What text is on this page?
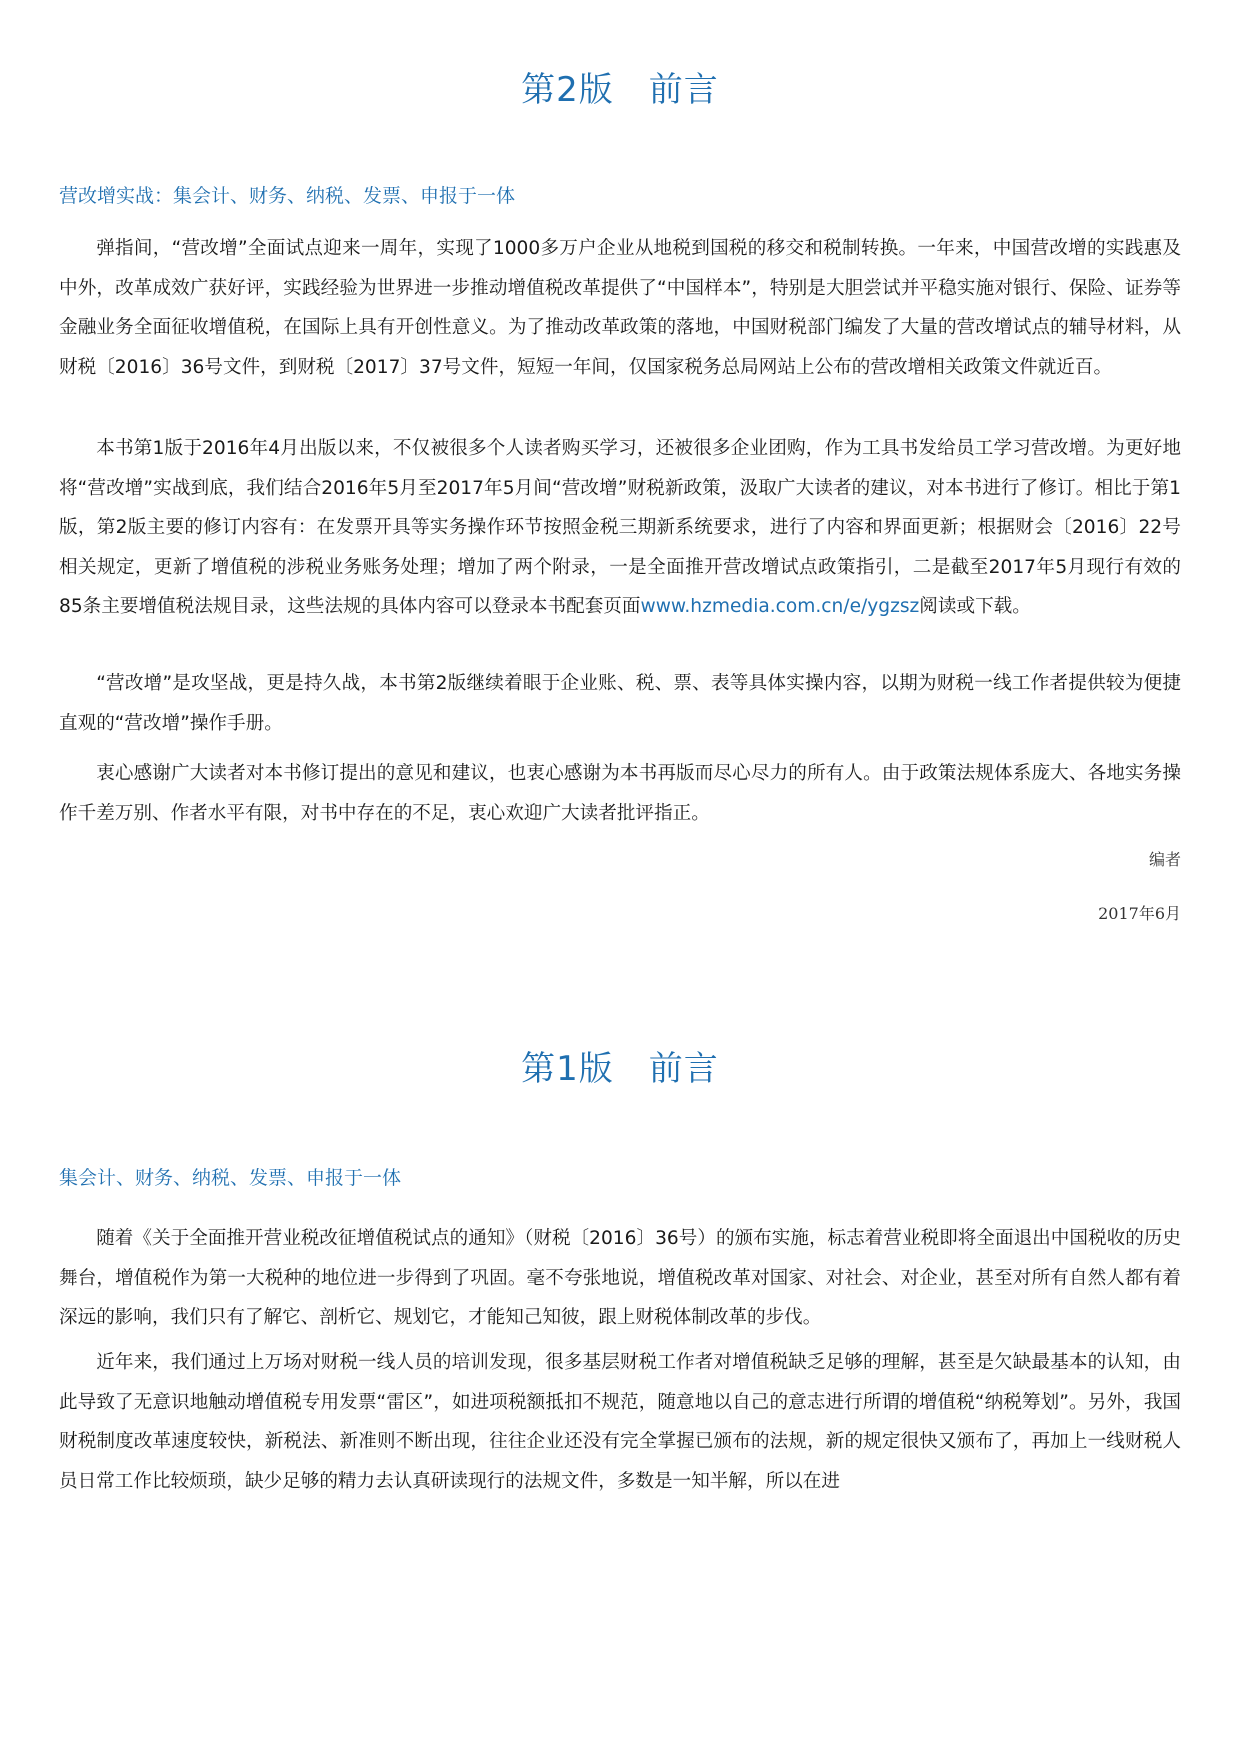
第2版　前言
营改增实战：集会计、财务、纳税、发票、申报于一体

弹指间，“营改增”全面试点迎来一周年，实现了1000多万户企业从地税到国税的移交和税制转换。一年来，中国营改增的实践惠及中外，改革成效广获好评，实践经验为世界进一步推动增值税改革提供了“中国样本”，特别是大胆尝试并平稳实施对银行、保险、证券等金融业务全面征收增值税，在国际上具有开创性意义。为了推动改革政策的落地，中国财税部门编发了大量的营改增试点的辅导材料，从财税〔2016〕36号文件，到财税〔2017〕37号文件，短短一年间，仅国家税务总局网站上公布的营改增相关政策文件就近百。

本书第1版于2016年4月出版以来，不仅被很多个人读者购买学习，还被很多企业团购，作为工具书发给员工学习营改增。为更好地将“营改增”实战到底，我们结合2016年5月至2017年5月间“营改增”财税新政策，汲取广大读者的建议，对本书进行了修订。相比于第1版，第2版主要的修订内容有：在发票开具等实务操作环节按照金税三期新系统要求，进行了内容和界面更新；根据财会〔2016〕22号相关规定，更新了增值税的涉税业务账务处理；增加了两个附录，一是全面推开营改增试点政策指引，二是截至2017年5月现行有效的85条主要增值税法规目录，这些法规的具体内容可以登录本书配套页面www.hzmedia.com.cn/e/ygzsz阅读或下载。

“营改增”是攻坚战，更是持久战，本书第2版继续着眼于企业账、税、票、表等具体实操内容，以期为财税一线工作者提供较为便捷直观的“营改增”操作手册。

衷心感谢广大读者对本书修订提出的意见和建议，也衷心感谢为本书再版而尽心尽力的所有人。由于政策法规体系庞大、各地实务操作千差万别、作者水平有限，对书中存在的不足，衷心欢迎广大读者批评指正。

编者
2017年6月
第1版　前言
集会计、财务、纳税、发票、申报于一体

随着《关于全面推开营业税改征增值税试点的通知》（财税〔2016〕36号）的颁布实施，标志着营业税即将全面退出中国税收的历史舞台，增值税作为第一大税种的地位进一步得到了巩固。毫不夸张地说，增值税改革对国家、对社会、对企业，甚至对所有自然人都有着深远的影响，我们只有了解它、剖析它、规划它，才能知己知彼，跟上财税体制改革的步伐。

近年来，我们通过上万场对财税一线人员的培训发现，很多基层财税工作者对增值税缺乏足够的理解，甚至是欠缺最基本的认知，由此导致了无意识地触动增值税专用发票“雷区”，如进项税额抵扣不规范，随意地以自己的意志进行所谓的增值税“纳税筹划”。另外，我国财税制度改革速度较快，新税法、新准则不断出现，往往企业还没有完全掌握已颁布的法规，新的规定很快又颁布了，再加上一线财税人员日常工作比较烦琐，缺少足够的精力去认真研读现行的法规文件，多数是一知半解，所以在进
